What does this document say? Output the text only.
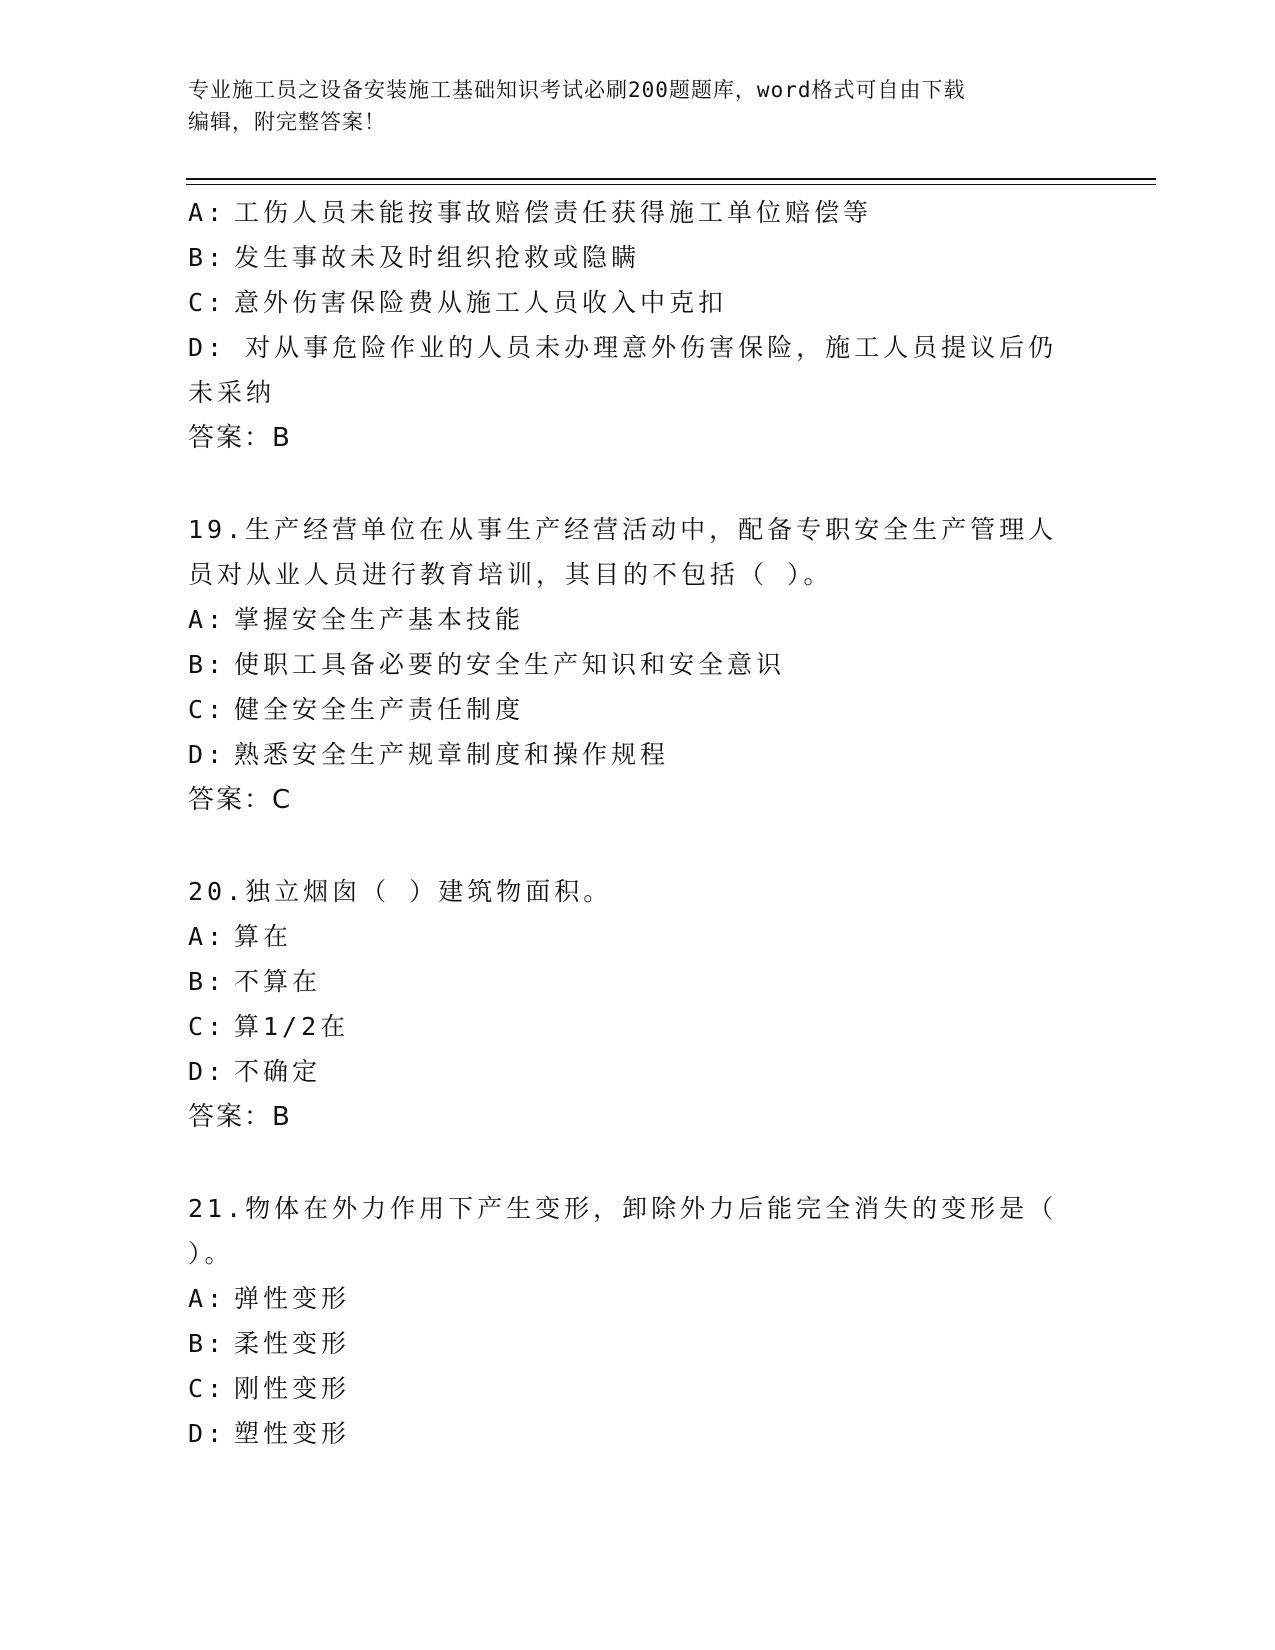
专业施工员之设备安装施工基础知识考试必刷200题题库，word格式可自由下载
编辑，附完整答案！
A: 工伤人员未能按事故赔偿责任获得施工单位赔偿等
B: 发生事故未及时组织抢救或隐瞒
C: 意外伤害保险费从施工人员收入中克扣
D: 对从事危险作业的人员未办理意外伤害保险，施工人员提议后仍未采纳
答案：B
19.生产经营单位在从事生产经营活动中，配备专职安全生产管理人员对从业人员进行教育培训，其目的不包括（ ）。
A: 掌握安全生产基本技能
B: 使职工具备必要的安全生产知识和安全意识
C: 健全安全生产责任制度
D: 熟悉安全生产规章制度和操作规程
答案：C
20.独立烟囱（ ）建筑物面积。
A: 算在
B: 不算在
C: 算1/2在
D: 不确定
答案：B
21.物体在外力作用下产生变形，卸除外力后能完全消失的变形是（ ）。
A: 弹性变形
B: 柔性变形
C: 刚性变形
D: 塑性变形
